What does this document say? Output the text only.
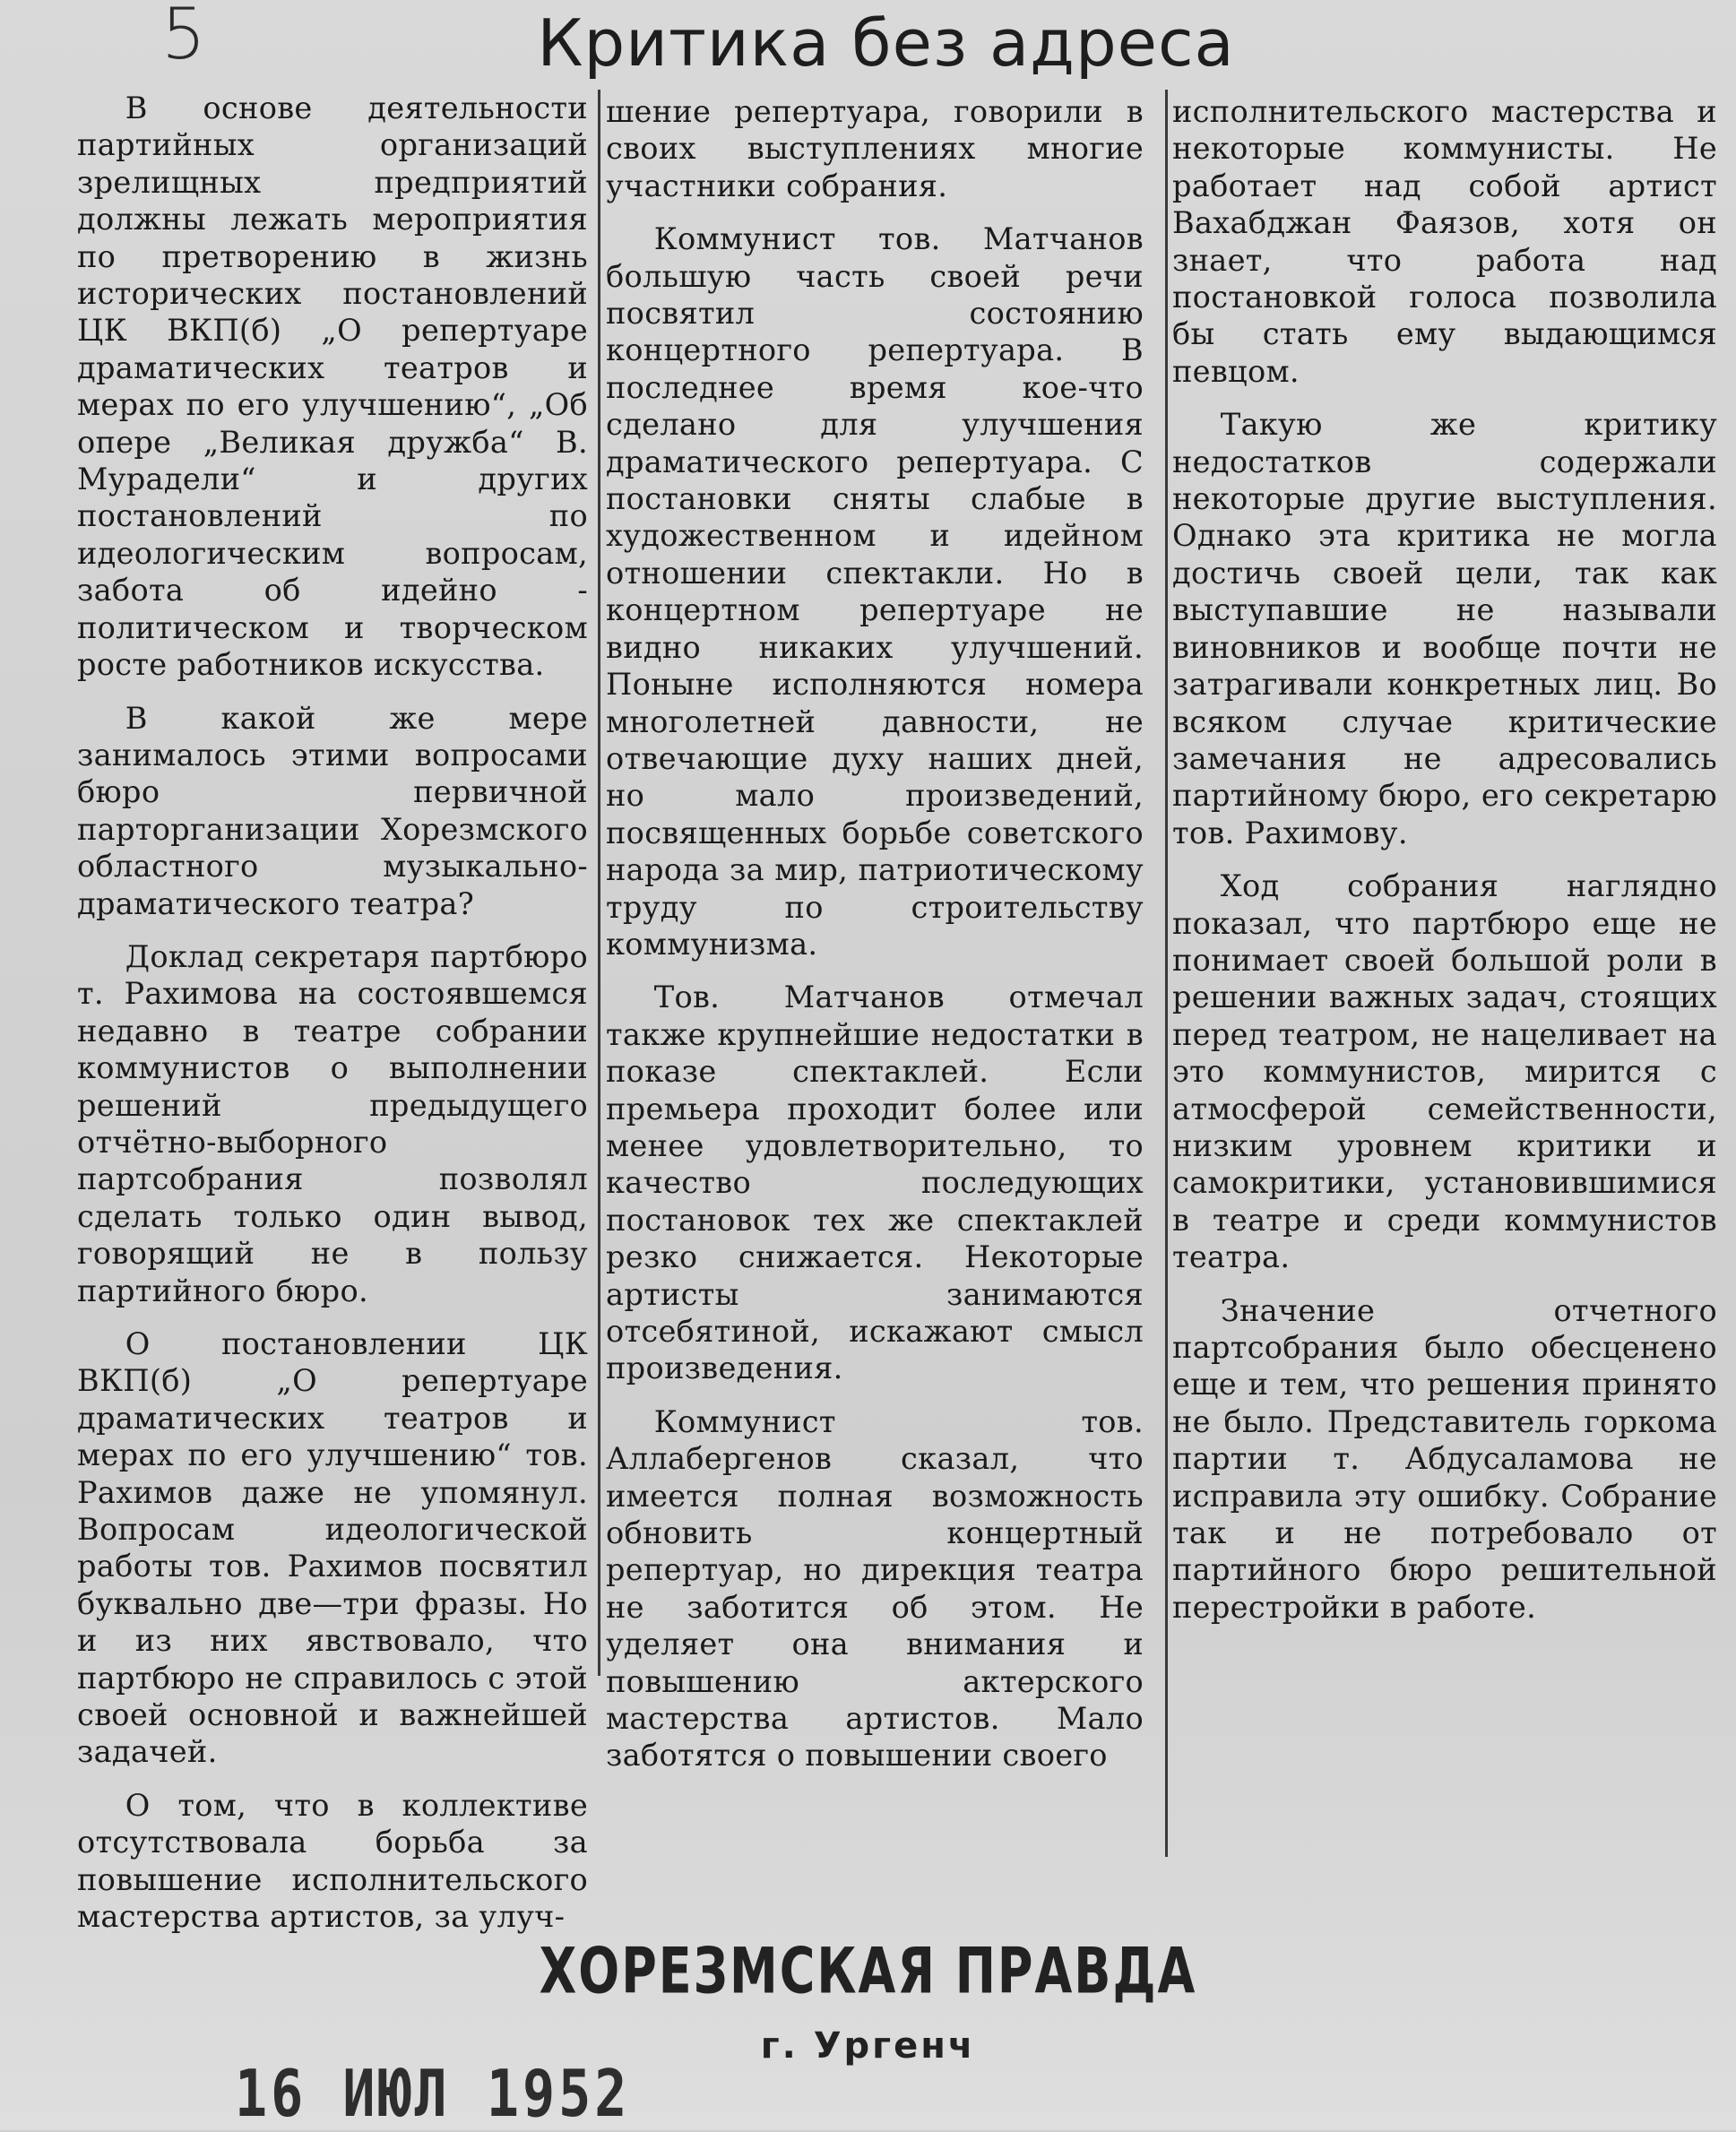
5	Критика без адреса

В основе деятельности партийных организаций зрелищных предприятий должны лежать мероприятия по претворению в жизнь исторических постановлений ЦК ВКП(б) „О репертуаре драматических театров и мерах по его улучшению“, „Об опере „Великая дружба“ В. Мурадели“ и других постановлений по идеологическим вопросам, забота об идейно - политическом и творческом росте работников искусства.

В какой же мере занималось этими вопросами бюро первичной парторганизации Хорезмского областного музыкально-драматического театра?

Доклад секретаря партбюро т. Рахимова на состоявшемся недавно в театре собрании коммунистов о выполнении решений предыдущего отчётно-выборного партсобрания позволял сделать только один вывод, говорящий не в пользу партийного бюро.

О постановлении ЦК ВКП(б) „О репертуаре драматических театров и мерах по его улучшению“ тов. Рахимов даже не упомянул. Вопросам идеологической работы тов. Рахимов посвятил буквально две—три фразы. Но и из них явствовало, что партбюро не справилось с этой своей основной и важнейшей задачей.

О том, что в коллективе отсутствовала борьба за повышение исполнительского мастерства артистов, за улуч-

шение репертуара, говорили в своих выступлениях многие участники собрания.

Коммунист тов. Матчанов большую часть своей речи посвятил состоянию концертного репертуара. В последнее время кое-что сделано для улучшения драматического репертуара. С постановки сняты слабые в художественном и идейном отношении спектакли. Но в концертном репертуаре не видно никаких улучшений. Поныне исполняются номера многолетней давности, не отвечающие духу наших дней, но мало произведений, посвященных борьбе советского народа за мир, патриотическому труду по строительству коммунизма.

Тов. Матчанов отмечал также крупнейшие недостатки в показе спектаклей. Если премьера проходит более или менее удовлетворительно, то качество последующих постановок тех же спектаклей резко снижается. Некоторые артисты занимаются отсебятиной, искажают смысл произведения.

Коммунист тов. Аллабергенов сказал, что имеется полная возможность обновить концертный репертуар, но дирекция театра не заботится об этом. Не уделяет она внимания и повышению актерского мастерства артистов. Мало заботятся о повышении своего

исполнительского мастерства и некоторые коммунисты. Не работает над собой артист Вахабджан Фаязов, хотя он знает, что работа над постановкой голоса позволила бы стать ему выдающимся певцом.

Такую же критику недостатков содержали некоторые другие выступления. Однако эта критика не могла достичь своей цели, так как выступавшие не называли виновников и вообще почти не затрагивали конкретных лиц. Во всяком случае критические замечания не адресовались партийному бюро, его секретарю тов. Рахимову.

Ход собрания наглядно показал, что партбюро еще не понимает своей большой роли в решении важных задач, стоящих перед театром, не нацеливает на это коммунистов, мирится с атмосферой семейственности, низким уровнем критики и самокритики, установившимися в театре и среди коммунистов театра.

Значение отчетного партсобрания было обесценено еще и тем, что решения принято не было. Представитель горкома партии т. Абдусаламова не исправила эту ошибку. Собрание так и не потребовало от партийного бюро решительной перестройки в работе.

ХОРЕЗМСКАЯ ПРАВДА
г. Ургенч
16 ИЮЛ 1952
